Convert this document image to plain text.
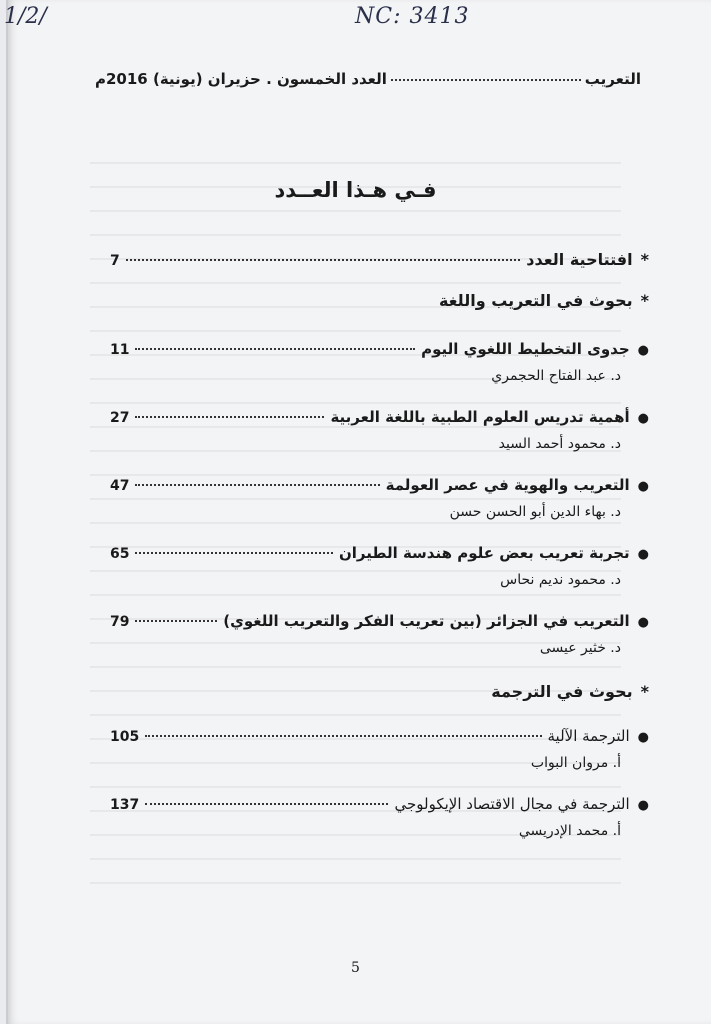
1/2/	NC: 3413
التعريب
العدد الخمسون . حزيران (يونية) 2016م
فـي هـذا العــدد
*
افتتاحية العدد
7
*
بحوث في التعريب واللغة
●
جدوى التخطيط اللغوي اليوم
11
د. عبد الفتاح الحجمري
●
أهمية تدريس العلوم الطبية باللغة العربية
27
د. محمود أحمد السيد
●
التعريب والهوية في عصر العولمة
47
د. بهاء الدين أبو الحسن حسن
●
تجربة تعريب بعض علوم هندسة الطيران
65
د. محمود نديم نحاس
●
التعريب في الجزائر (بين تعريب الفكر والتعريب اللغوي)
79
د. خثير عيسى
*
بحوث في الترجمة
●
الترجمة الآلية
105
أ. مروان البواب
●
الترجمة في مجال الاقتصاد الإيكولوجي
137
أ. محمد الإدريسي
5
